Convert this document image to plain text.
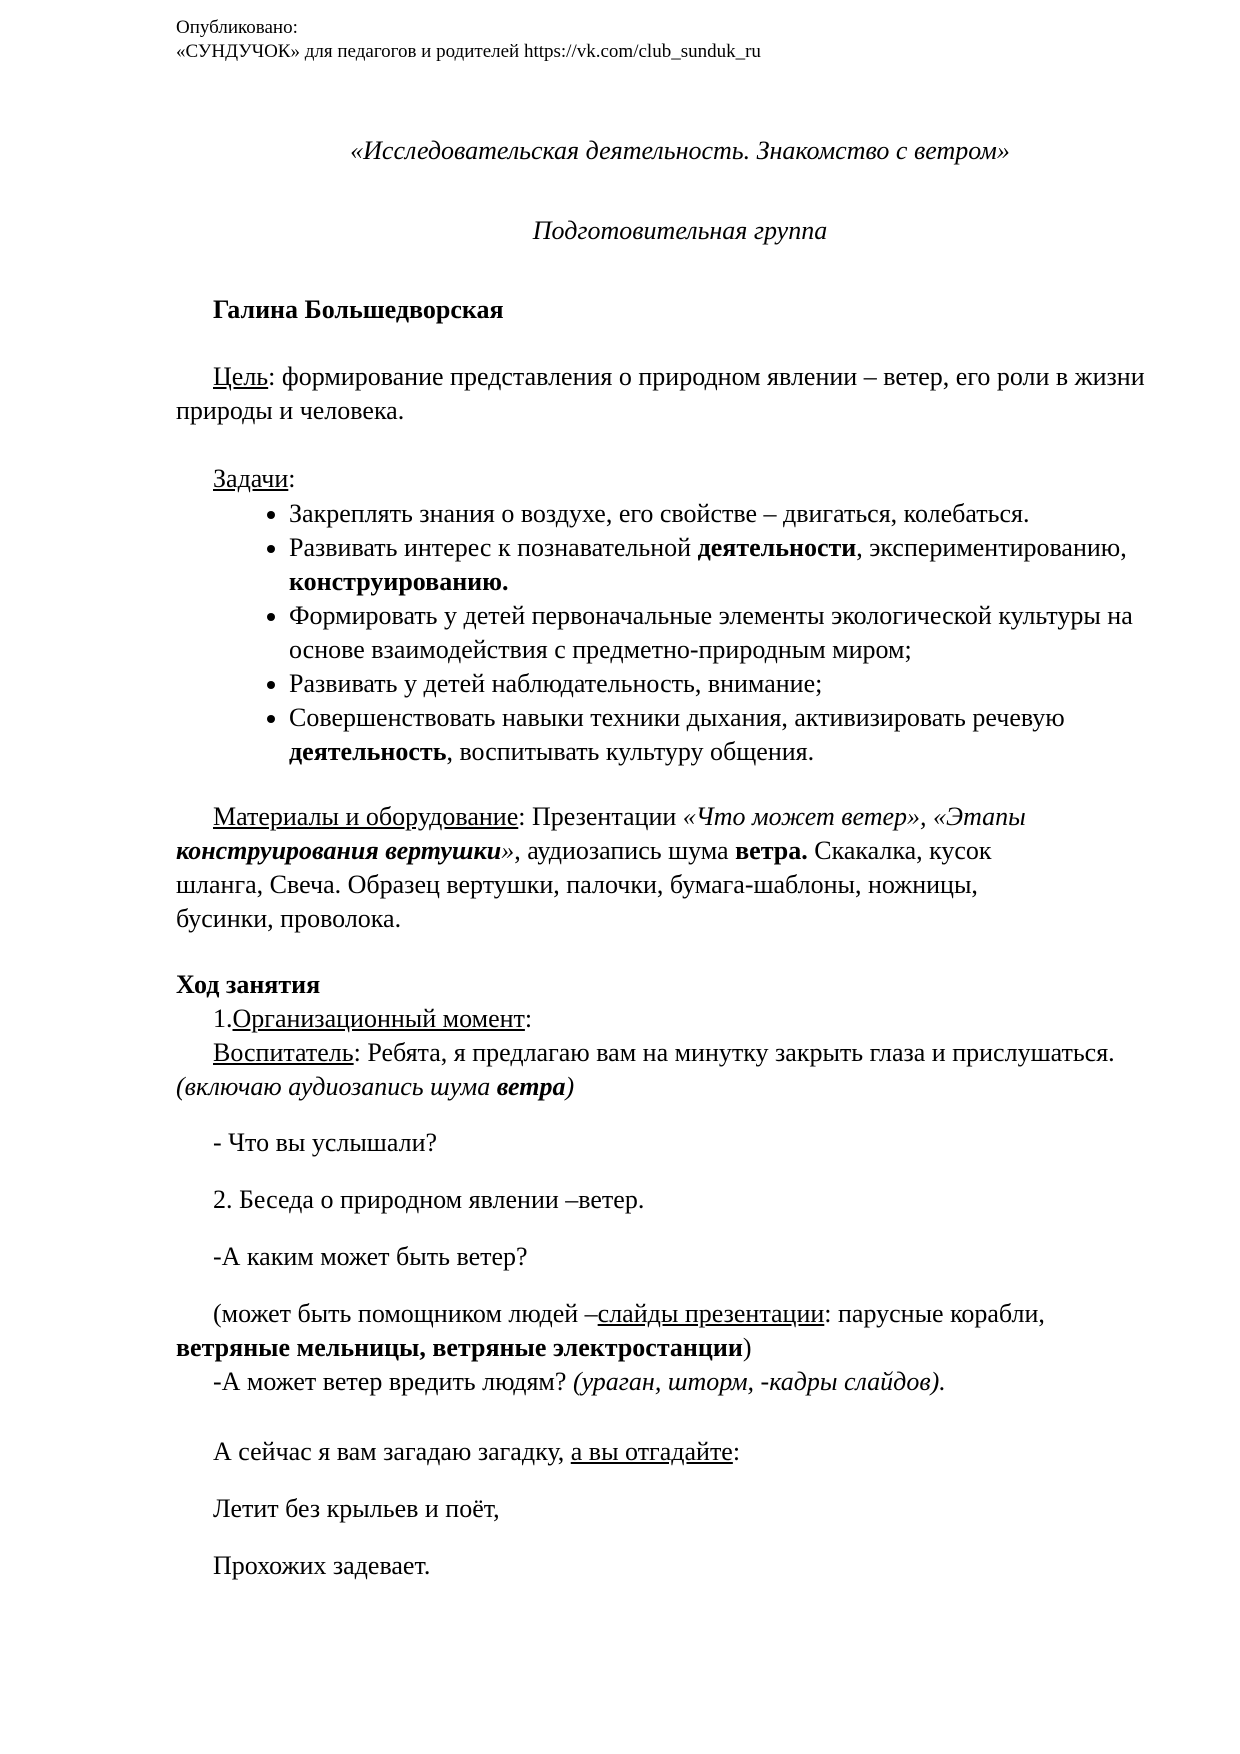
Опубликовано:
«СУНДУЧОК» для педагогов и родителей https://vk.com/club_sunduk_ru
«Исследовательская деятельность. Знакомство с ветром»
Подготовительная группа

Галина Большедворская

Цель: формирование представления о природном явлении – ветер, его роли в жизни природы и человека.

Задачи:

• Закреплять знания о воздухе, его свойстве – двигаться, колебаться.
• Развивать интерес к познавательной деятельности, экспериментированию, конструированию.
• Формировать у детей первоначальные элементы экологической культуры на основе взаимодействия с предметно-природным миром;
• Развивать у детей наблюдательность, внимание;
• Совершенствовать навыки техники дыхания, активизировать речевую деятельность, воспитывать культуру общения.

Материалы и оборудование: Презентации «Что может ветер», «Этапы конструирования вертушки», аудиозапись шума ветра. Скакалка, кусок шланга, Свеча. Образец вертушки, палочки, бумага-шаблоны, ножницы, бусинки, проволока.

Ход занятия

1.Организационный момент:

Воспитатель: Ребята, я предлагаю вам на минутку закрыть глаза и прислушаться. (включаю аудиозапись шума ветра)

- Что вы услышали?

2. Беседа о природном явлении –ветер.

-А каким может быть ветер?

(может быть помощником людей –слайды презентации: парусные корабли, ветряные мельницы, ветряные электростанции)

-А может ветер вредить людям? (ураган, шторм, -кадры слайдов).

А сейчас я вам загадаю загадку, а вы отгадайте:

Летит без крыльев и поёт,

Прохожих задевает.
